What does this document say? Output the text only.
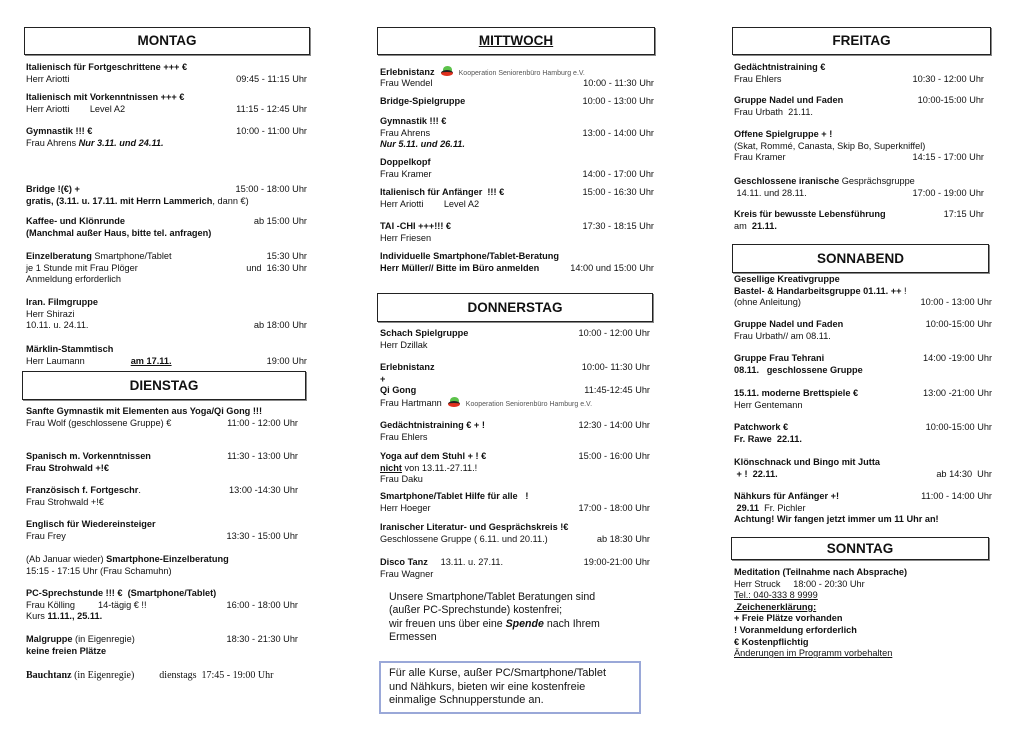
MONTAG	MITTWOCH	FREITAG
DIENSTAG
DONNERSTAG
SONNABEND
SONNTAG
Italienisch für Fortgeschrittene +++ €
Herr Ariotti	09:45 - 11:15 Uhr
Italienisch mit Vorkenntnissen +++ €
Herr Ariotti        Level A2	11:15 - 12:45 Uhr
Gymnastik !!! €	10:00 - 11:00 Uhr
Frau Ahrens Nur 3.11. und 24.11.
Bridge !(€) +	15:00 - 18:00 Uhr
gratis, (3.11. u. 17.11. mit Herrn Lammerich, dann €)
Kaffee- und Klönrunde	ab 15:00 Uhr
(Manchmal außer Haus, bitte tel. anfragen)
Einzelberatung Smartphone/Tablet	15:30 Uhr
je 1 Stunde mit Frau Plöger	und  16:30 Uhr
Anmeldung erforderlich
Iran. Filmgruppe
Herr Shirazi
10.11. u. 24.11.	ab 18:00 Uhr
Märklin-Stammtisch
Herr Laumann                  am 17.11.	19:00 Uhr
Sanfte Gymnastik mit Elementen aus Yoga/Qi Gong !!!
Frau Wolf (geschlossene Gruppe) €	11:00 - 12:00 Uhr
Spanisch m. Vorkenntnissen	11:30 - 13:00 Uhr
Frau Strohwald +!€
Französisch f. Fortgeschr.	13:00 -14:30 Uhr
Frau Strohwald +!€
Englisch für Wiedereinsteiger
Frau Frey	13:30 - 15:00 Uhr
(Ab Januar wieder) Smartphone-Einzelberatung
15:15 - 17:15 Uhr (Frau Schamuhn)
PC-Sprechstunde !!! €  (Smartphone/Tablet)
Frau Kölling         14-tägig € !!	16:00 - 18:00 Uhr
Kurs 11.11., 25.11.
Malgruppe (in Eigenregie)	18:30 - 21:30 Uhr
keine freien Plätze
Bauchtanz (in Eigenregie)          dienstags  17:45 - 19:00 Uhr
Erlebnistanz	Kooperation Seniorenbüro Hamburg e.V.
Frau Wendel	10:00 - 11:30 Uhr
Bridge-Spielgruppe	10:00 - 13:00 Uhr
Gymnastik !!! €
Frau Ahrens	13:00 - 14:00 Uhr
Nur 5.11. und 26.11.
Doppelkopf
Frau Kramer	14:00 - 17:00 Uhr
Italienisch für Anfänger  !!! €	15:00 - 16:30 Uhr
Herr Ariotti        Level A2
TAI -CHI +++!!! €	17:30 - 18:15 Uhr
Herr Friesen
Individuelle Smartphone/Tablet-Beratung
Herr Müller// Bitte im Büro anmelden	14:00 und 15:00 Uhr
Schach Spielgruppe	10:00 - 12:00 Uhr
Herr Dzillak
Erlebnistanz	10:00- 11:30 Uhr
+
Qi Gong	11:45-12:45 Uhr
Frau Hartmann	Kooperation Seniorenbüro Hamburg e.V.
Gedächtnistraining € + !	12:30 - 14:00 Uhr
Frau Ehlers
Yoga auf dem Stuhl + ! €	15:00 - 16:00 Uhr
nicht von 13.11.-27.11.!
Frau Daku
Smartphone/Tablet Hilfe für alle   !
Herr Hoeger	17:00 - 18:00 Uhr
Iranischer Literatur- und Gesprächskreis !€
Geschlossene Gruppe ( 6.11. und 20.11.)	ab 18:30 Uhr
Disco Tanz     13.11. u. 27.11.	19:00-21:00 Uhr
Frau Wagner
Gedächtnistraining €
Frau Ehlers	10:30 - 12:00 Uhr
Gruppe Nadel und Faden	10:00-15:00 Uhr
Frau Urbath  21.11.
Offene Spielgruppe + !
(Skat, Rommé, Canasta, Skip Bo, Superkniffel)
Frau Kramer	14:15 - 17:00 Uhr
Geschlossene iranische Gesprächsgruppe
14.11. und 28.11.	17:00 - 19:00 Uhr
Kreis für bewusste Lebensführung	17:15 Uhr
am  21.11.
Gesellige Kreativgruppe
Bastel- & Handarbeitsgruppe 01.11. ++ !
(ohne Anleitung)	10:00 - 13:00 Uhr
Gruppe Nadel und Faden	10:00-15:00 Uhr
Frau Urbath// am 08.11.
Gruppe Frau Tehrani	14:00 -19:00 Uhr
08.11.   geschlossene Gruppe
15.11. moderne Brettspiele €	13:00 -21:00 Uhr
Herr Gentemann
Patchwork €	10:00-15:00 Uhr
Fr. Rawe  22.11.
Klönschnack und Bingo mit Jutta
+ !  22.11.	ab 14:30  Uhr
Nähkurs für Anfänger +!	11:00 - 14:00 Uhr
29.11  Fr. Pichler
Achtung! Wir fangen jetzt immer um 11 Uhr an!
Meditation (Teilnahme nach Absprache)
Herr Struck     18:00 - 20:30 Uhr
Tel.: 040-333 8 9999
Zeichenerklärung:
+ Freie Plätze vorhanden
! Voranmeldung erforderlich
€ Kostenpflichtig
Änderungen im Programm vorbehalten
Unsere Smartphone/Tablet Beratungen sind
(außer PC-Sprechstunde) kostenfrei;
wir freuen uns über eine Spende nach Ihrem
Ermessen
Für alle Kurse, außer PC/Smartphone/Tablet
und Nähkurs, bieten wir eine kostenfreie
einmalige Schnupperstunde an.
